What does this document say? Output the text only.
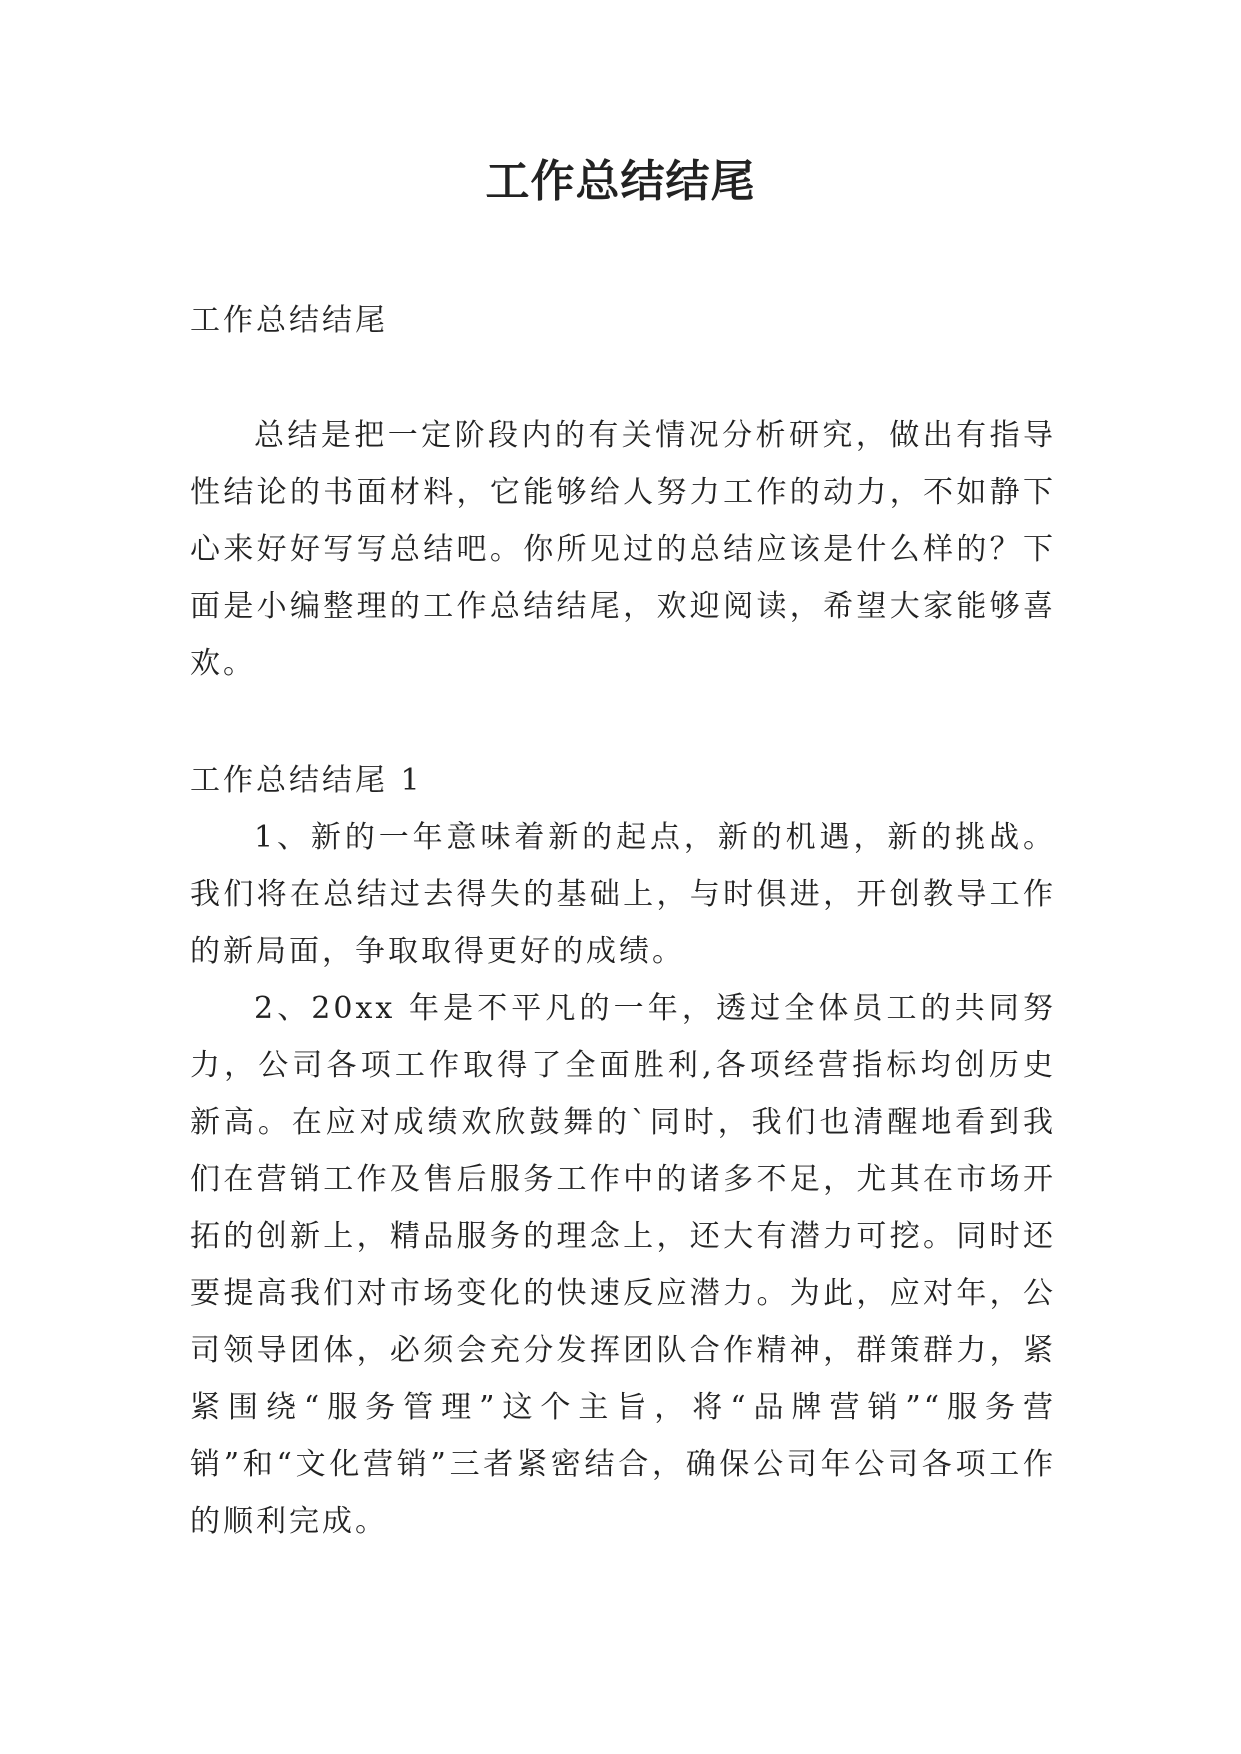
工作总结结尾

工作总结结尾

总结是把一定阶段内的有关情况分析研究，做出有指导性结论的书面材料，它能够给人努力工作的动力，不如静下心来好好写写总结吧。你所见过的总结应该是什么样的？下面是小编整理的工作总结结尾，欢迎阅读，希望大家能够喜欢。

工作总结结尾 1

1、新的一年意味着新的起点，新的机遇，新的挑战。我们将在总结过去得失的基础上，与时俱进，开创教导工作的新局面，争取取得更好的成绩。

2、20xx 年是不平凡的一年，透过全体员工的共同努力，公司各项工作取得了全面胜利,各项经营指标均创历史新高。在应对成绩欢欣鼓舞的`同时，我们也清醒地看到我们在营销工作及售后服务工作中的诸多不足，尤其在市场开拓的创新上，精品服务的理念上，还大有潜力可挖。同时还要提高我们对市场变化的快速反应潜力。为此，应对年，公司领导团体，必须会充分发挥团队合作精神，群策群力，紧紧围绕“服务管理”这个主旨，将“品牌营销”“服务营销”和“文化营销”三者紧密结合，确保公司年公司各项工作的顺利完成。
